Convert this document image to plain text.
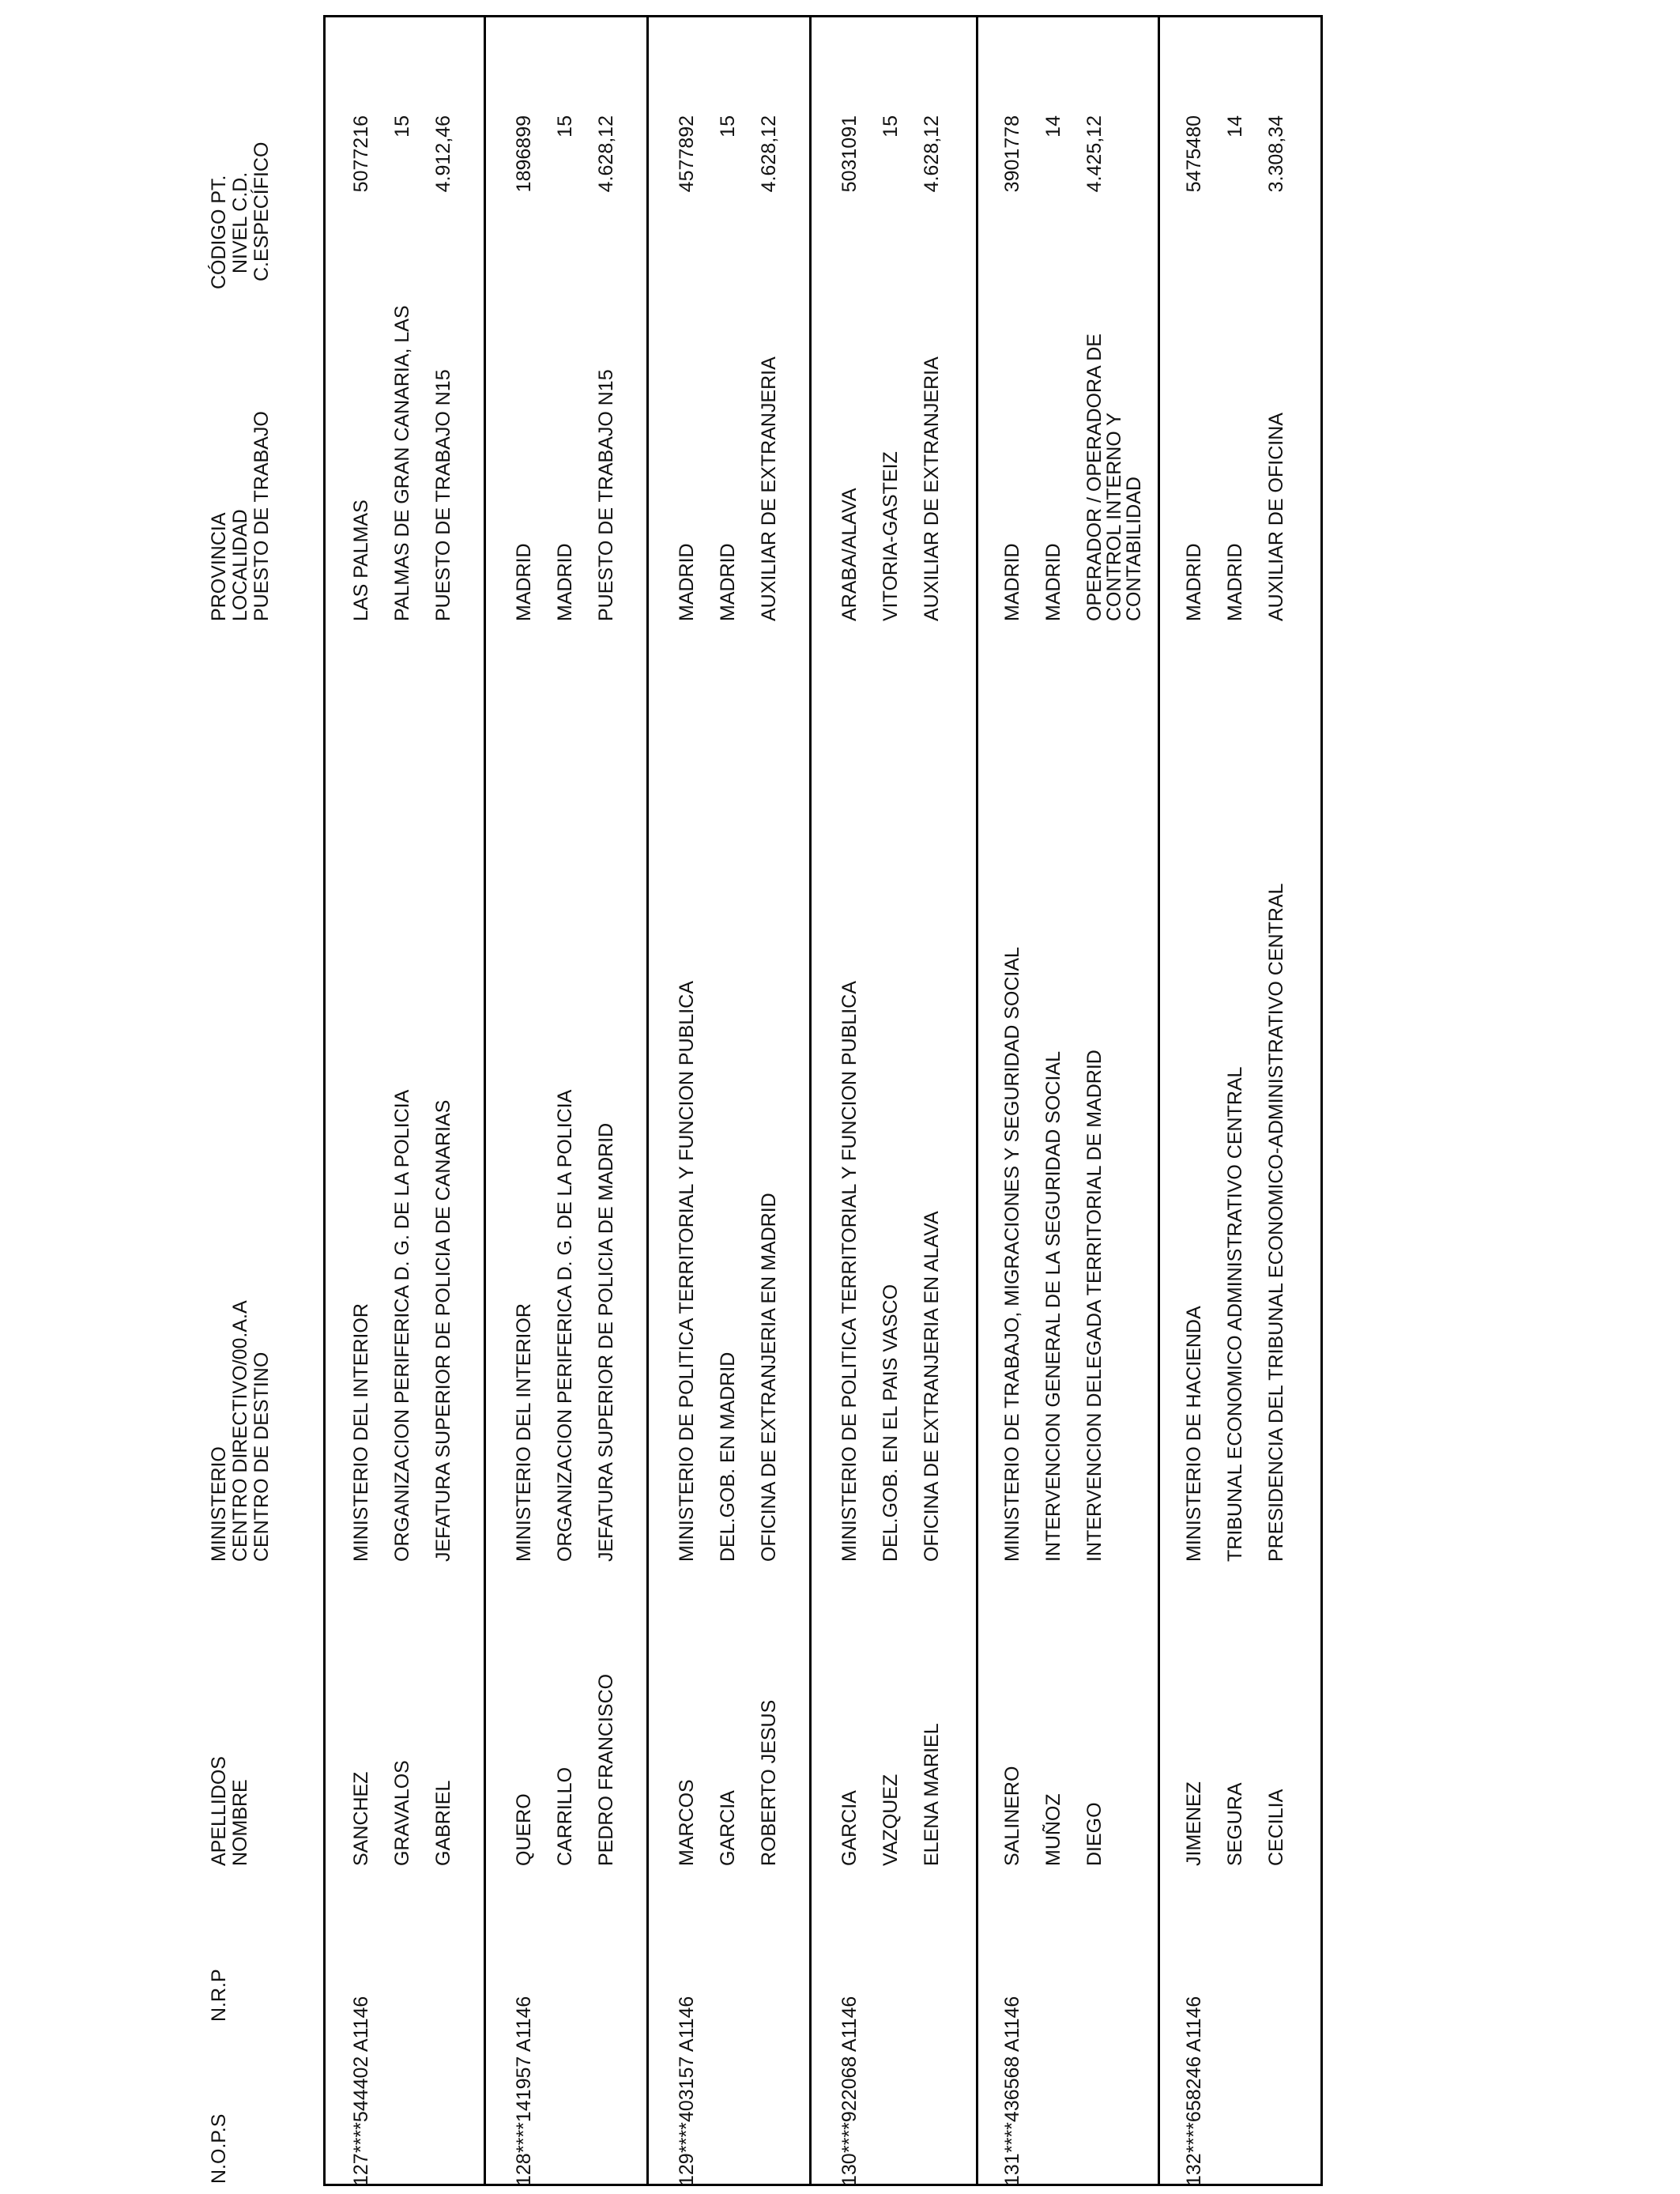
N.O.P.S
N.R.P
APELLIDOS NOMBRE
MINISTERIO CENTRO DIRECTIVO/00.A.A CENTRO DE DESTINO
PROVINCIA LOCALIDAD PUESTO DE TRABAJO
CÓDIGO PT. NIVEL C.D. C.ESPECÍFICO
127
****544402 A1146
SANCHEZ GRAVALOS GABRIEL
MINISTERIO DEL INTERIOR ORGANIZACION PERIFERICA D. G. DE LA POLICIA JEFATURA SUPERIOR DE POLICIA DE CANARIAS
LAS PALMAS PALMAS DE GRAN CANARIA, LAS PUESTO DE TRABAJO N15
5077216 15 4.912,46
128
****141957 A1146
QUERO CARRILLO PEDRO FRANCISCO
MINISTERIO DEL INTERIOR ORGANIZACION PERIFERICA D. G. DE LA POLICIA JEFATURA SUPERIOR DE POLICIA DE MADRID
MADRID MADRID PUESTO DE TRABAJO N15
1896899 15 4.628,12
129
****403157 A1146
MARCOS GARCIA ROBERTO JESUS
MINISTERIO DE POLITICA TERRITORIAL Y FUNCION PUBLICA DEL.GOB. EN MADRID OFICINA DE EXTRANJERIA EN MADRID
MADRID MADRID AUXILIAR DE EXTRANJERIA
4577892 15 4.628,12
130
****922068 A1146
GARCIA VAZQUEZ ELENA MARIEL
MINISTERIO DE POLITICA TERRITORIAL Y FUNCION PUBLICA DEL.GOB. EN EL PAIS VASCO OFICINA DE EXTRANJERIA EN ALAVA
ARABA/ALAVA VITORIA-GASTEIZ AUXILIAR DE EXTRANJERIA
5031091 15 4.628,12
131
****436568 A1146
SALINERO MUÑOZ DIEGO
MINISTERIO DE TRABAJO, MIGRACIONES Y SEGURIDAD SOCIAL INTERVENCION GENERAL DE LA SEGURIDAD SOCIAL INTERVENCION DELEGADA TERRITORIAL DE MADRID
MADRID MADRID OPERADOR / OPERADORA DE
CONTROL INTERNO Y
CONTABILIDAD
3901778 14 4.425,12
132
****658246 A1146
JIMENEZ SEGURA CECILIA
MINISTERIO DE HACIENDA TRIBUNAL ECONOMICO ADMINISTRATIVO CENTRAL PRESIDENCIA DEL TRIBUNAL ECONOMICO-ADMINISTRATIVO CENTRAL
MADRID MADRID AUXILIAR DE OFICINA
5475480 14 3.308,34
